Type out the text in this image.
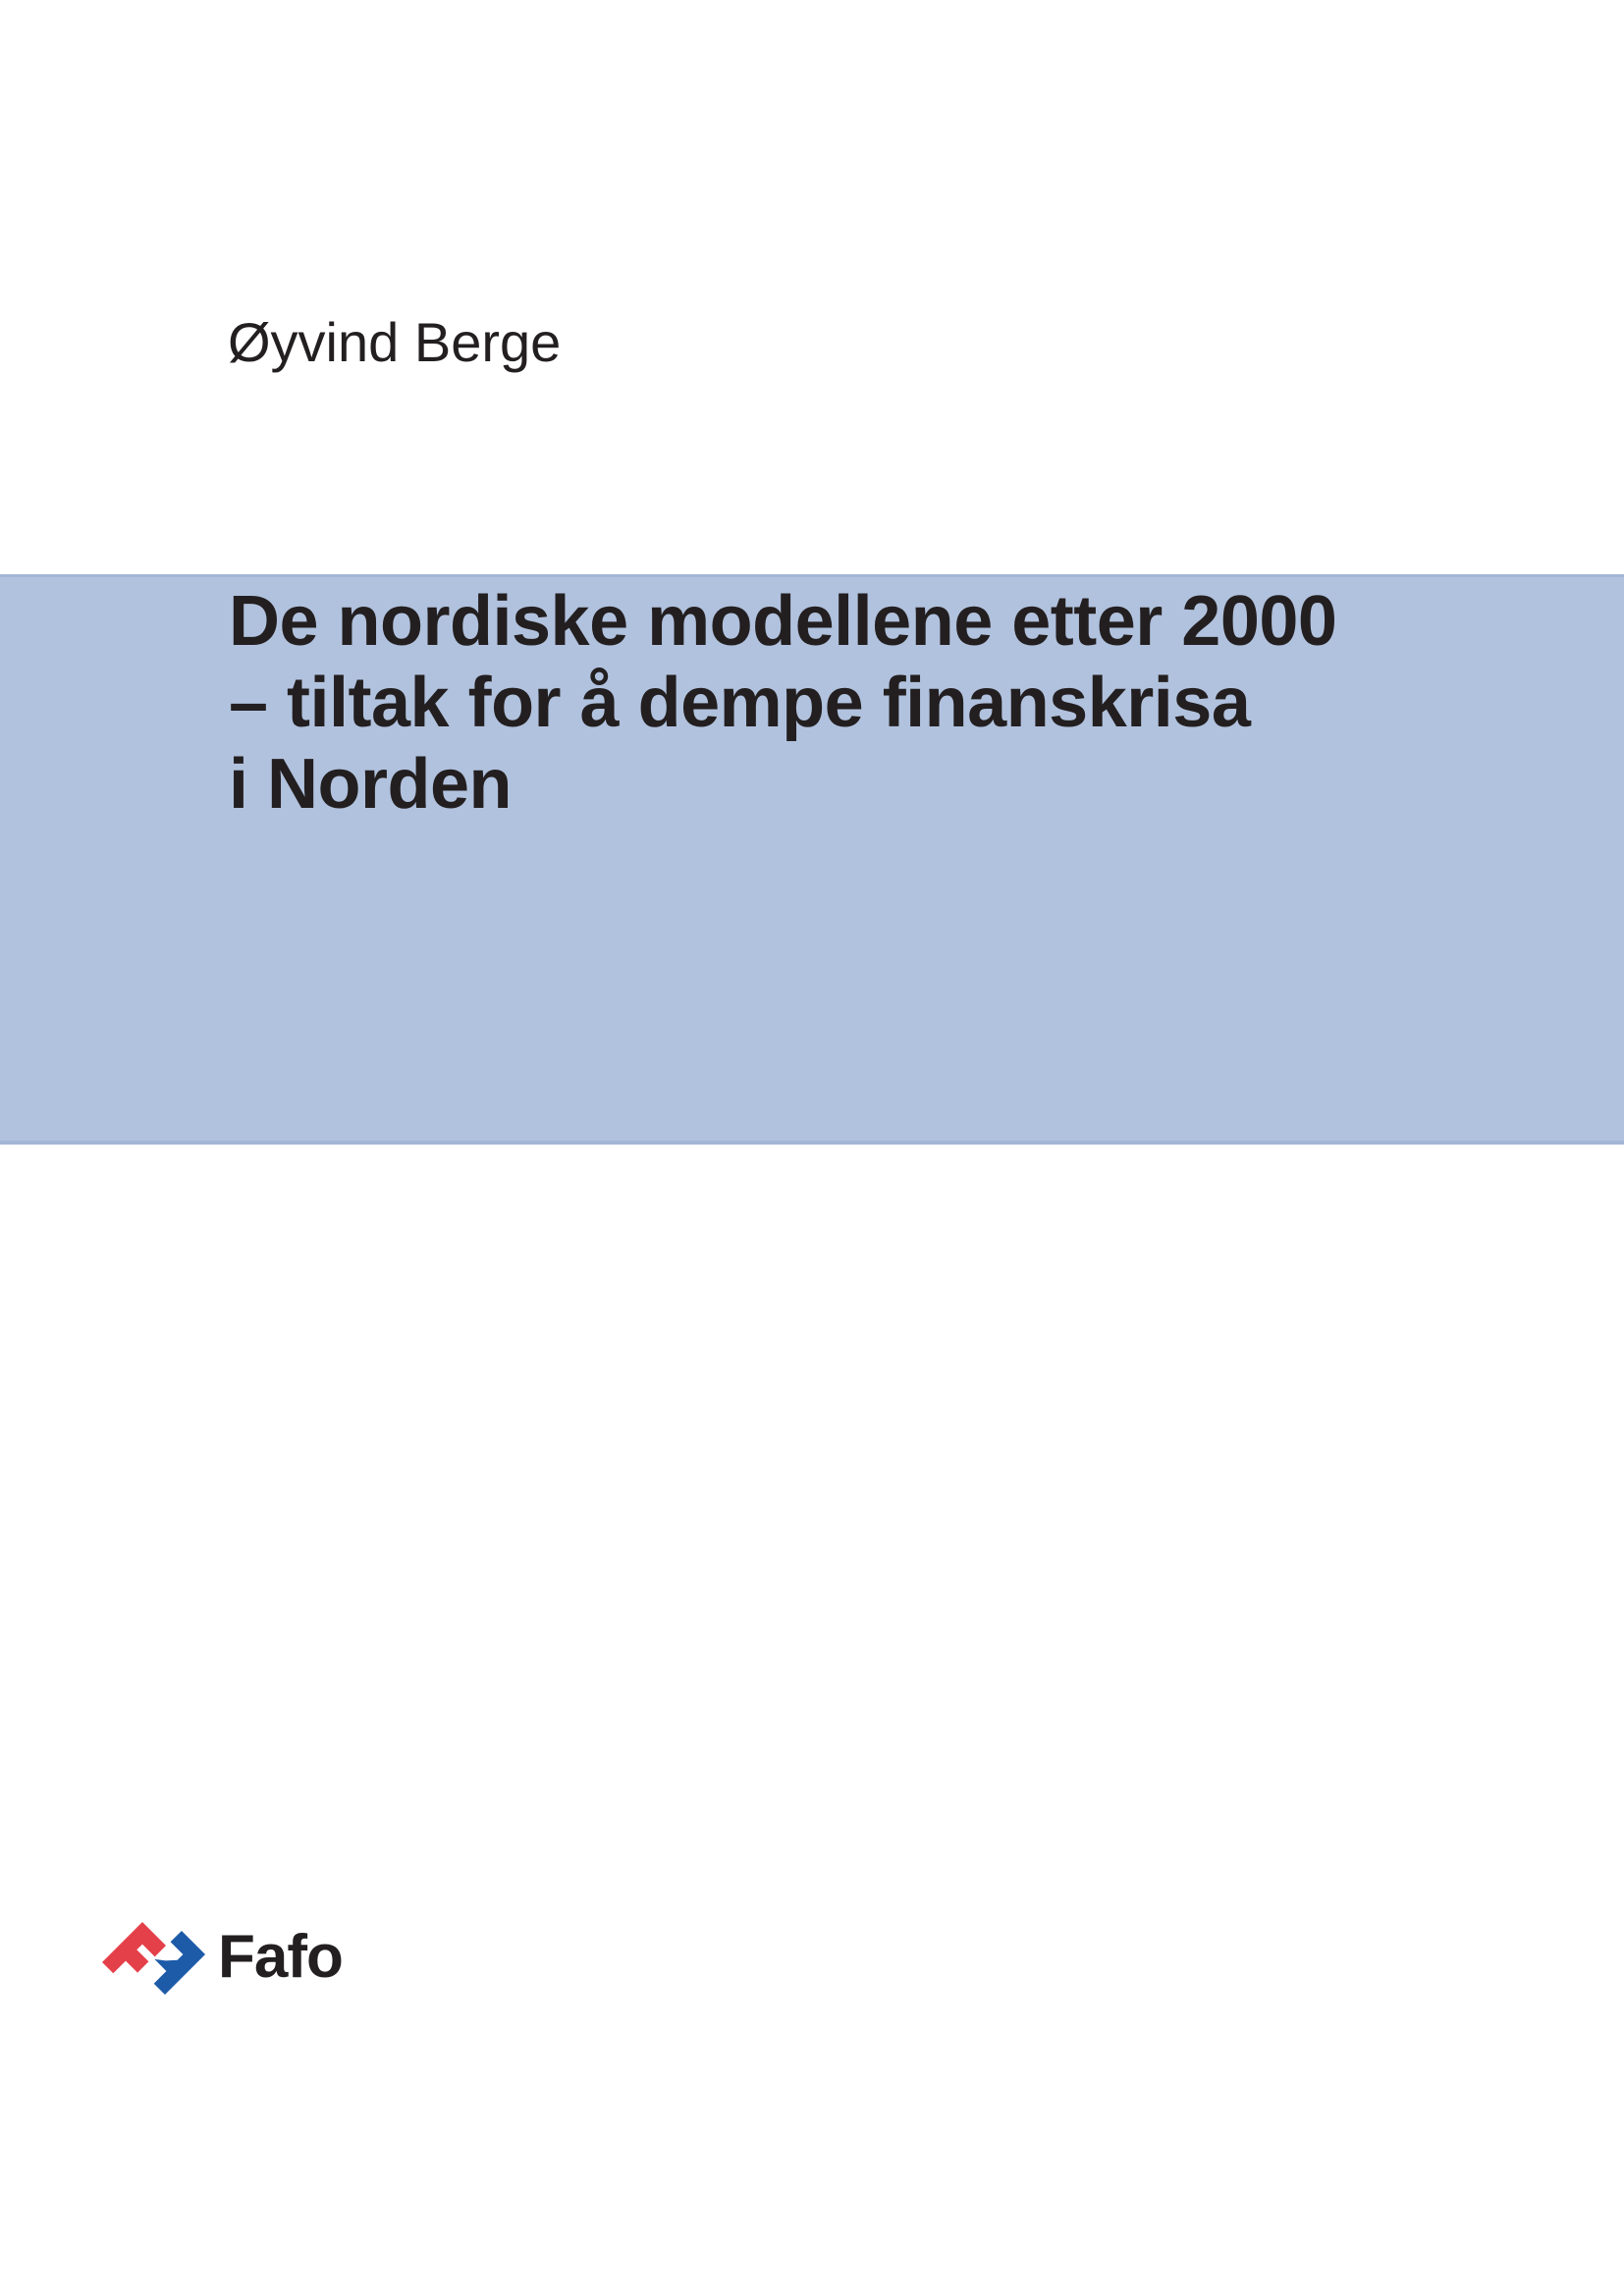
Øyvind Berge
De nordiske modellene etter 2000
– tiltak for å dempe finanskrisa
i Norden
Fafo
